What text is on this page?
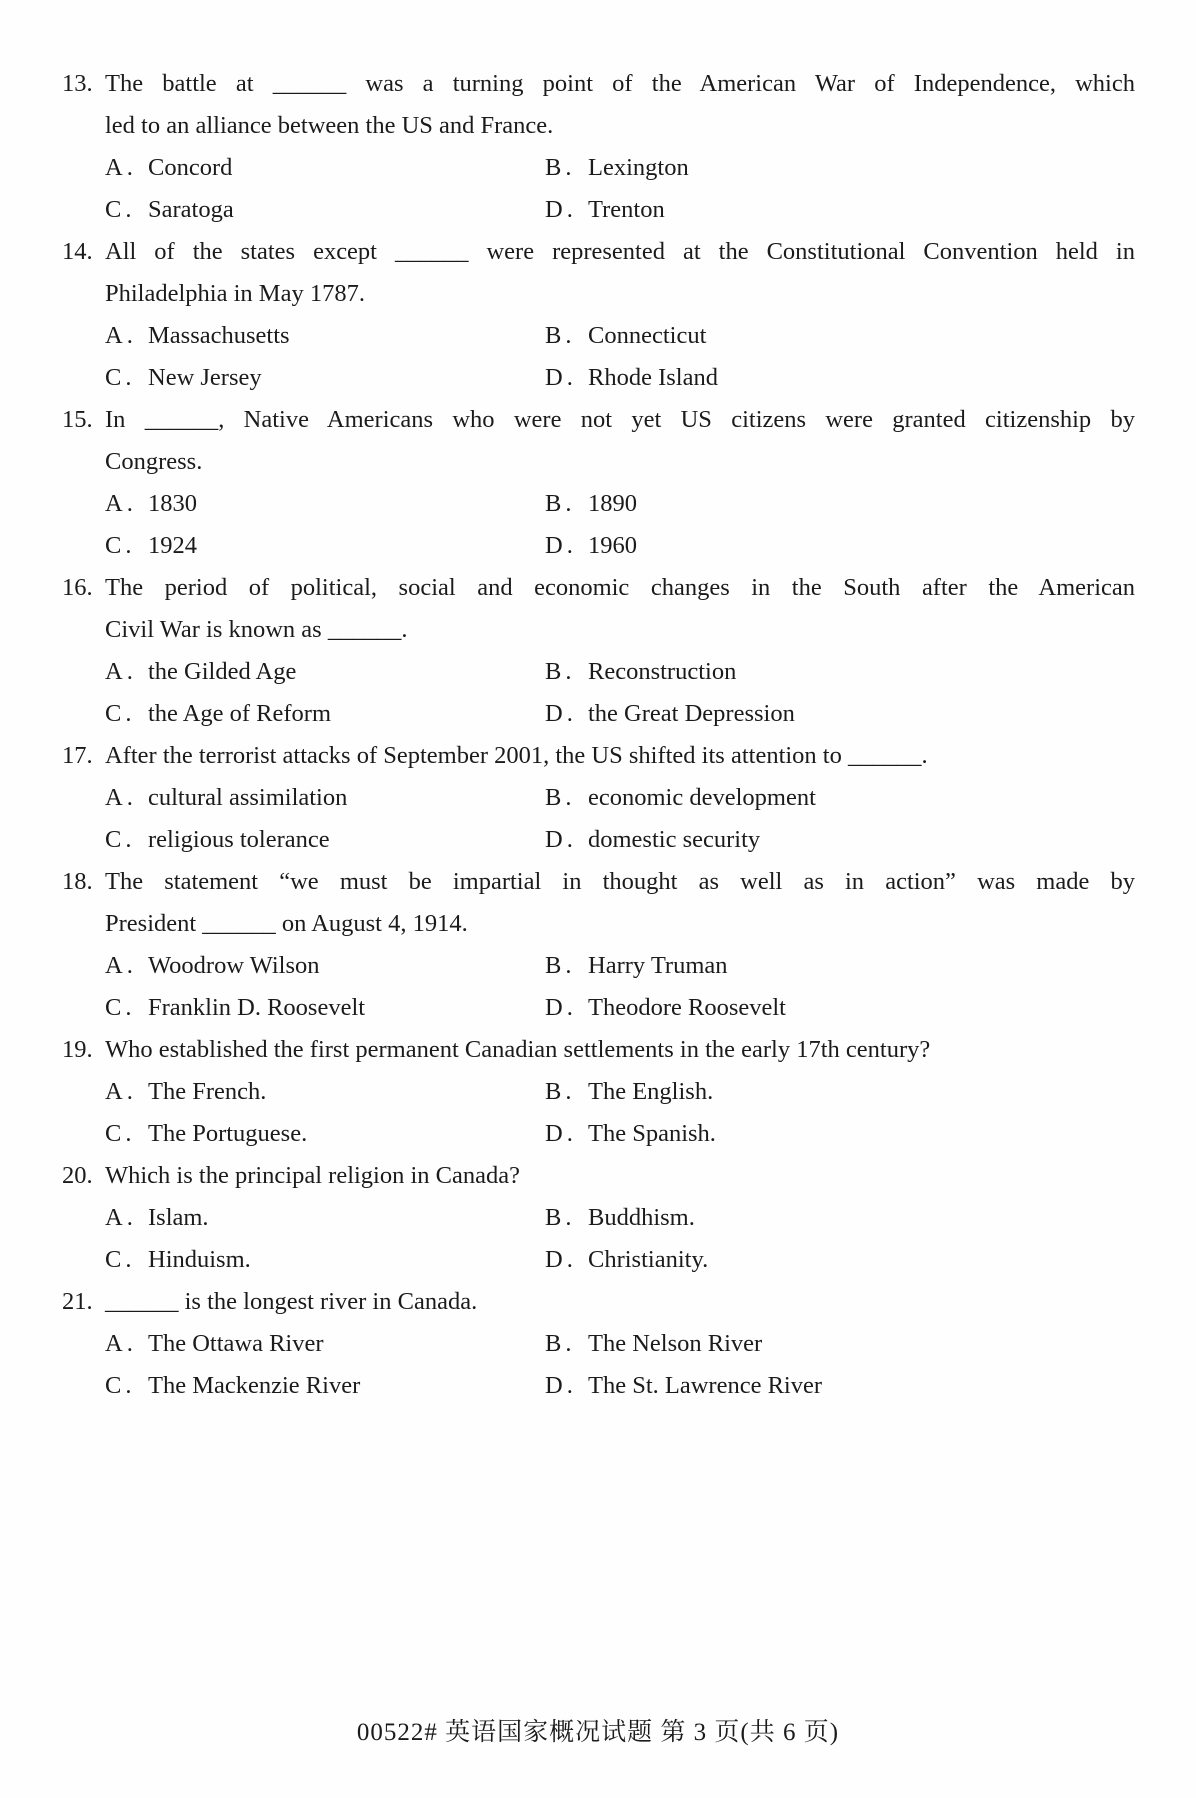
13. The battle at ______ was a turning point of the American War of Independence, which
led to an alliance between the US and France.
A. Concord	B. Lexington
C. Saratoga	D. Trenton
14. All of the states except ______ were represented at the Constitutional Convention held in
Philadelphia in May 1787.
A. Massachusetts	B. Connecticut
C. New Jersey	D. Rhode Island
15. In ______, Native Americans who were not yet US citizens were granted citizenship by
Congress.
A. 1830	B. 1890
C. 1924	D. 1960
16. The period of political, social and economic changes in the South after the American
Civil War is known as ______.
A. the Gilded Age	B. Reconstruction
C. the Age of Reform	D. the Great Depression
17. After the terrorist attacks of September 2001, the US shifted its attention to ______.
A. cultural assimilation	B. economic development
C. religious tolerance	D. domestic security
18. The statement “we must be impartial in thought as well as in action” was made by
President ______ on August 4, 1914.
A. Woodrow Wilson	B. Harry Truman
C. Franklin D. Roosevelt	D. Theodore Roosevelt
19. Who established the first permanent Canadian settlements in the early 17th century?
A. The French.	B. The English.
C. The Portuguese.	D. The Spanish.
20. Which is the principal religion in Canada?
A. Islam.	B. Buddhism.
C. Hinduism.	D. Christianity.
21. ______ is the longest river in Canada.
A. The Ottawa River	B. The Nelson River
C. The Mackenzie River	D. The St. Lawrence River
00522# 英语国家概况试题 第 3 页(共 6 页)
